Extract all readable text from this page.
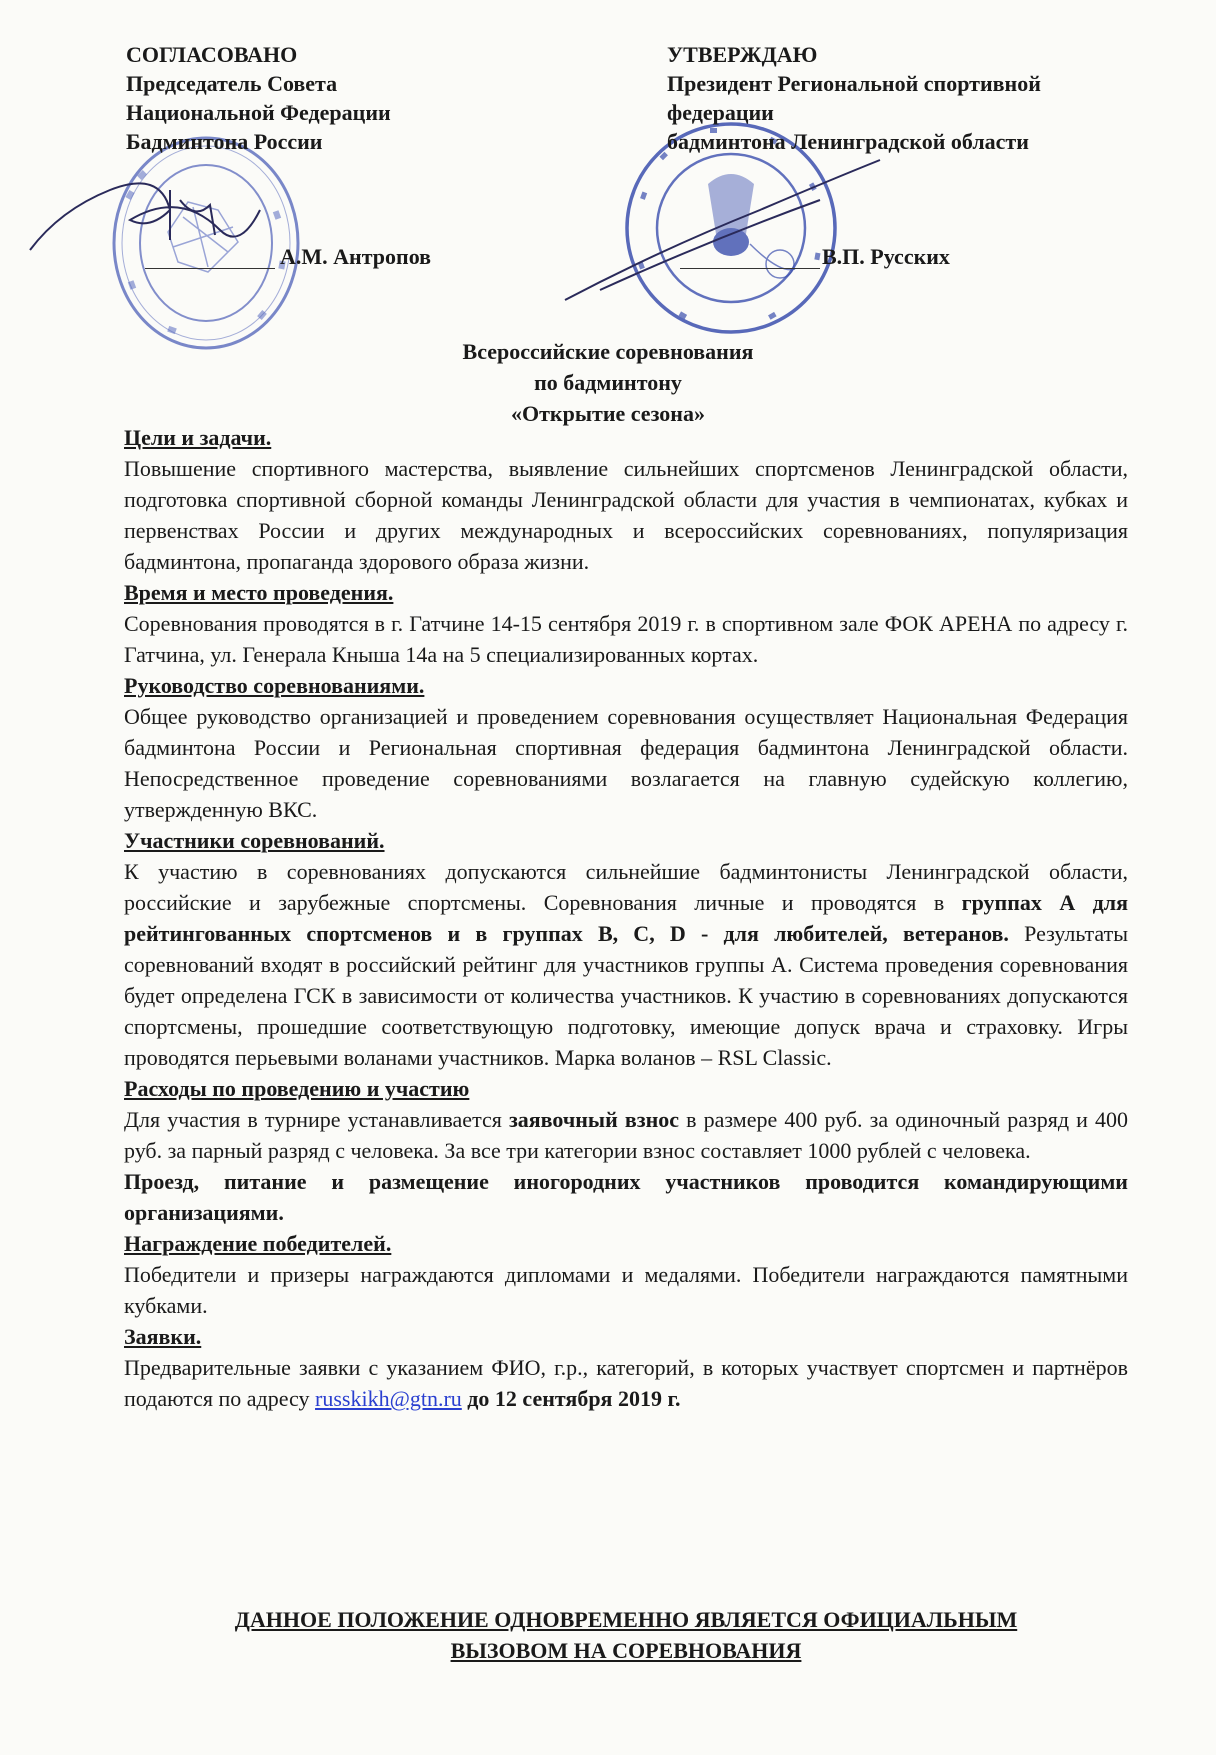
СОГЛАСОВАНО
Председатель Совета
Национальной Федерации
Бадминтона России
А.М. Антропов
УТВЕРЖДАЮ
Президент Региональной спортивной
федерации
бадминтона Ленинградской области
В.П. Русских
Всероссийские соревнования
по бадминтону
«Открытие сезона»
Цели и задачи.

Повышение спортивного мастерства, выявление сильнейших спортсменов Ленинградской области, подготовка спортивной сборной команды Ленинградской области для участия в чемпионатах, кубках и первенствах России и других международных и всероссийских соревнованиях, популяризация бадминтона, пропаганда здорового образа жизни.

Время и место проведения.

Соревнования проводятся в г. Гатчине 14-15 сентября 2019 г. в спортивном зале ФОК АРЕНА по адресу г. Гатчина, ул. Генерала Кныша 14а на 5 специализированных кортах.

Руководство соревнованиями.

Общее руководство организацией и проведением соревнования осуществляет Национальная Федерация бадминтона России и Региональная спортивная федерация бадминтона Ленинградской области. Непосредственное проведение соревнованиями возлагается на главную судейскую коллегию, утвержденную ВКС.

Участники соревнований.

К участию в соревнованиях допускаются сильнейшие бадминтонисты Ленинградской области, российские и зарубежные спортсмены. Соревнования личные и проводятся в группах А для рейтингованных спортсменов и в группах B, C, D - для любителей, ветеранов. Результаты соревнований входят в российский рейтинг для участников группы А. Система проведения соревнования будет определена ГСК в зависимости от количества участников. К участию в соревнованиях допускаются спортсмены, прошедшие соответствующую подготовку, имеющие допуск врача и страховку. Игры проводятся перьевыми воланами участников. Марка воланов – RSL Classic.

Расходы по проведению и участию

Для участия в турнире устанавливается заявочный взнос в размере 400 руб. за одиночный разряд и 400 руб. за парный разряд с человека. За все три категории взнос составляет 1000 рублей с человека.

Проезд, питание и размещение иногородних участников проводится командирующими организациями.

Награждение победителей.

Победители и призеры награждаются дипломами и медалями. Победители награждаются памятными кубками.

Заявки.

Предварительные заявки с указанием ФИО, г.р., категорий, в которых участвует спортсмен и партнёров подаются по адресу russkikh@gtn.ru до 12 сентября 2019 г.

ДАННОЕ ПОЛОЖЕНИЕ ОДНОВРЕМЕННО ЯВЛЯЕТСЯ ОФИЦИАЛЬНЫМ
ВЫЗОВОМ НА СОРЕВНОВАНИЯ
